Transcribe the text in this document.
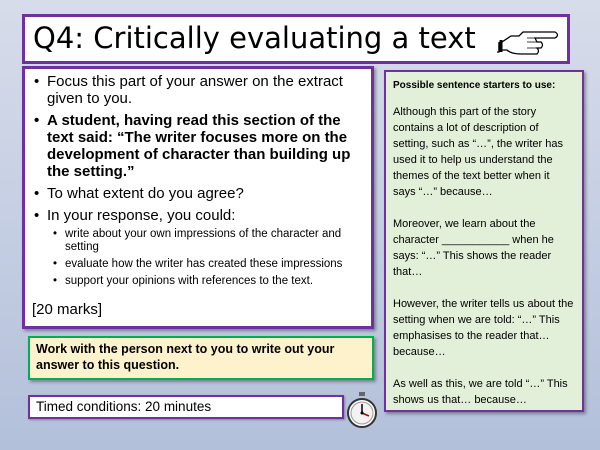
Q4: Critically evaluating a text
• Focus this part of your answer on the extract given to you.
• A student, having read this section of the text said: “The writer focuses more on the development of character than building up the setting.”
• To what extent do you agree?
• In your response, you could:
• write about your own impressions of the character and setting
• evaluate how the writer has created these impressions
• support your opinions with references to the text.
[20 marks]
Work with the person next to you to write out your answer to this question.
Timed conditions: 20 minutes
Possible sentence starters to use:

Although this part of the story contains a lot of description of setting, such as “…”, the writer has used it to help us understand the themes of the text better when it says “…” because…

Moreover, we learn about the character ___________ when he says: “…” This shows the reader that…

However, the writer tells us about the setting when we are told: “…” This emphasises to the reader that… because…

As well as this, we are told “…” This shows us that… because…
